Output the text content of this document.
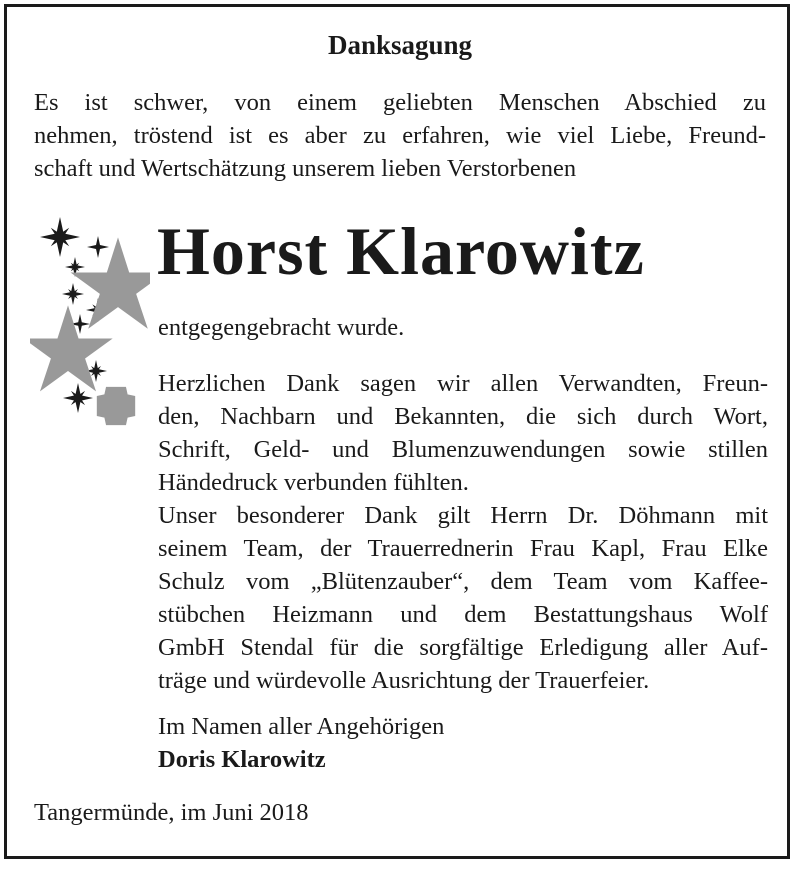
Danksagung
Es ist schwer, von einem geliebten Menschen Abschied zu
nehmen, tröstend ist es aber zu erfahren, wie viel Liebe, Freund-
schaft und Wertschätzung unserem lieben Verstorbenen
Horst Klarowitz
entgegengebracht wurde.
Herzlichen Dank sagen wir allen Verwandten, Freun-
den, Nachbarn und Bekannten, die sich durch Wort,
Schrift, Geld- und Blumenzuwendungen sowie stillen
Händedruck verbunden fühlten.
Unser besonderer Dank gilt Herrn Dr. Döhmann mit
seinem Team, der Trauerrednerin Frau Kapl, Frau Elke
Schulz vom „Blütenzauber“, dem Team vom Kaffee-
stübchen Heizmann und dem Bestattungshaus Wolf
GmbH Stendal für die sorgfältige Erledigung aller Auf-
träge und würdevolle Ausrichtung der Trauerfeier.
Im Namen aller Angehörigen
Doris Klarowitz
Tangermünde, im Juni 2018
